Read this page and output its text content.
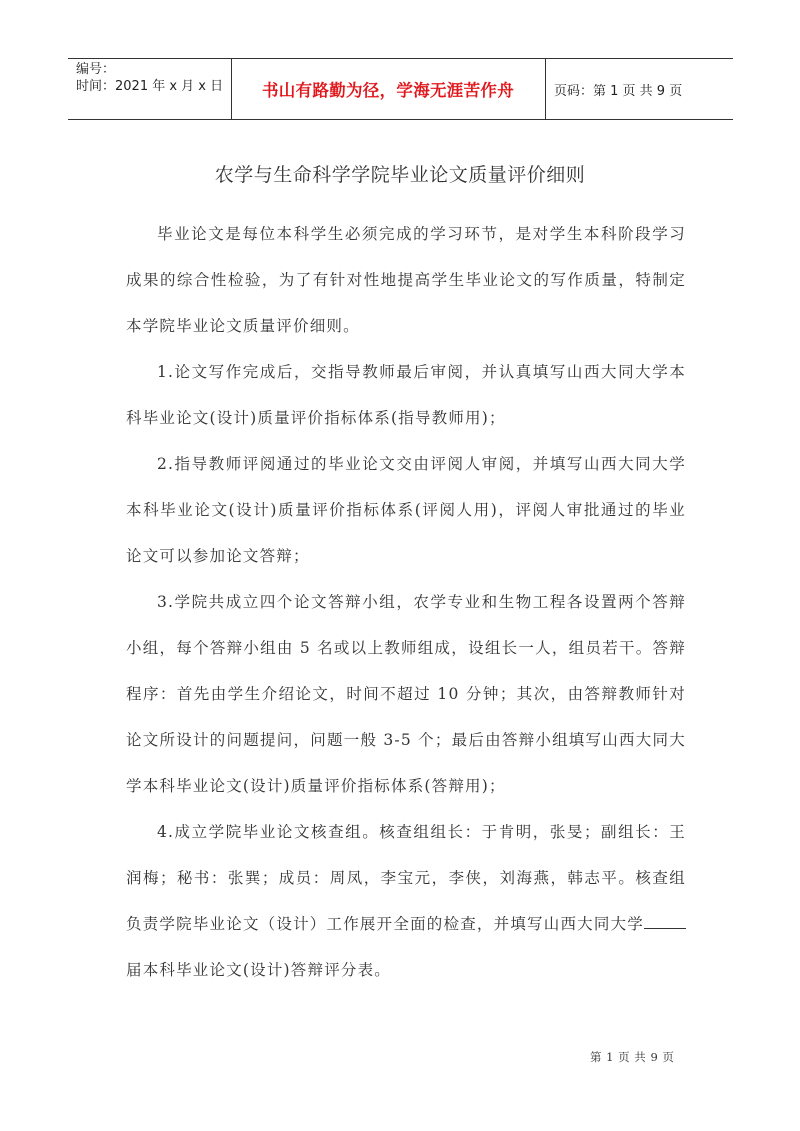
编号：
时间：2021 年 x 月 x 日	书山有路勤为径，学海无涯苦作舟	页码：第 1 页 共 9 页
农学与生命科学学院毕业论文质量评价细则

毕业论文是每位本科学生必须完成的学习环节，是对学生本科阶段学习成果的综合性检验，为了有针对性地提高学生毕业论文的写作质量，特制定本学院毕业论文质量评价细则。

1.论文写作完成后，交指导教师最后审阅，并认真填写山西大同大学本科毕业论文(设计)质量评价指标体系(指导教师用)；

2.指导教师评阅通过的毕业论文交由评阅人审阅，并填写山西大同大学本科毕业论文(设计)质量评价指标体系(评阅人用)，评阅人审批通过的毕业论文可以参加论文答辩；

3.学院共成立四个论文答辩小组，农学专业和生物工程各设置两个答辩小组，每个答辩小组由 5 名或以上教师组成，设组长一人，组员若干。答辩程序：首先由学生介绍论文，时间不超过 10 分钟；其次，由答辩教师针对论文所设计的问题提问，问题一般 3-5 个；最后由答辩小组填写山西大同大学本科毕业论文(设计)质量评价指标体系(答辩用)；

4.成立学院毕业论文核查组。核查组组长：于肯明，张旻；副组长：王润梅；秘书：张巽；成员：周凤，李宝元，李侠，刘海燕，韩志平。核查组负责学院毕业论文（设计）工作展开全面的检查，并填写山西大同大学届本科毕业论文(设计)答辩评分表。

第 1 页 共 9 页
